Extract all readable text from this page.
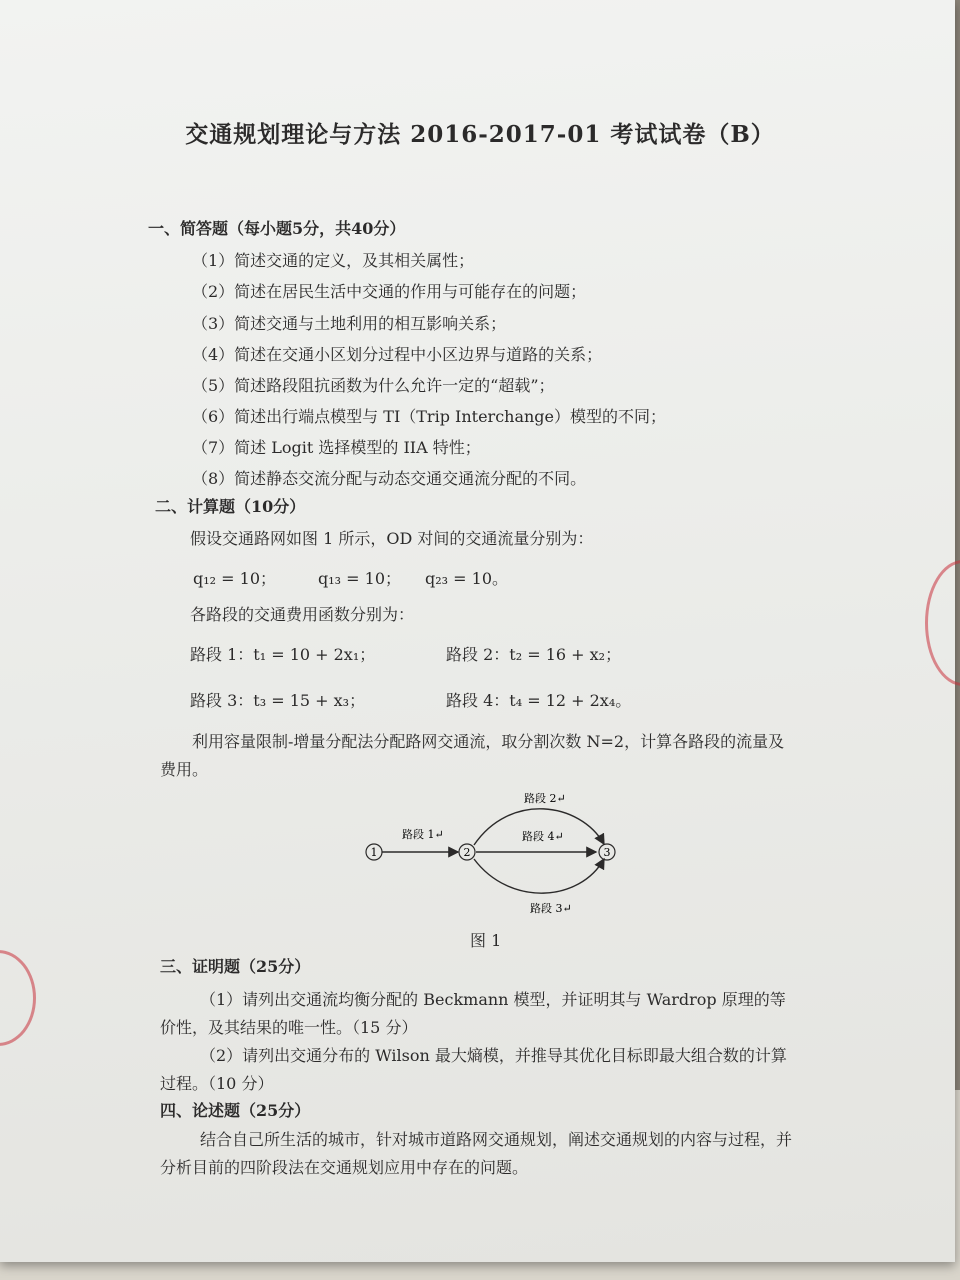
交通规划理论与方法 2016-2017-01 考试试卷（B）
一、简答题（每小题5分，共40分）
（1）简述交通的定义，及其相关属性；
（2）简述在居民生活中交通的作用与可能存在的问题；
（3）简述交通与土地利用的相互影响关系；
（4）简述在交通小区划分过程中小区边界与道路的关系；
（5）简述路段阻抗函数为什么允许一定的“超载”；
（6）简述出行端点模型与 TI（Trip Interchange）模型的不同；
（7）简述 Logit 选择模型的 IIA 特性；
（8）简述静态交流分配与动态交通交通流分配的不同。
二、计算题（10分）
假设交通路网如图 1 所示，OD 对间的交通流量分别为：
q₁₂ = 10；	q₁₃ = 10； q₂₃ = 10。
各路段的交通费用函数分别为：
路段 1：t₁ = 10 + 2x₁；	路段 2：t₂ = 16 + x₂；
路段 3：t₃ = 15 + x₃；	路段 4：t₄ = 12 + 2x₄。
利用容量限制-增量分配法分配路网交通流，取分割次数 N=2，计算各路段的流量及费用。
1	2	3
路段 1↵
路段 2↵
路段 4↵
路段 3↵
图 1
三、证明题（25分）
（1）请列出交通流均衡分配的 Beckmann 模型，并证明其与 Wardrop 原理的等价性，及其结果的唯一性。（15 分）
（2）请列出交通分布的 Wilson 最大熵模，并推导其优化目标即最大组合数的计算过程。（10 分）
四、论述题（25分）
结合自己所生活的城市，针对城市道路网交通规划，阐述交通规划的内容与过程，并分析目前的四阶段法在交通规划应用中存在的问题。
